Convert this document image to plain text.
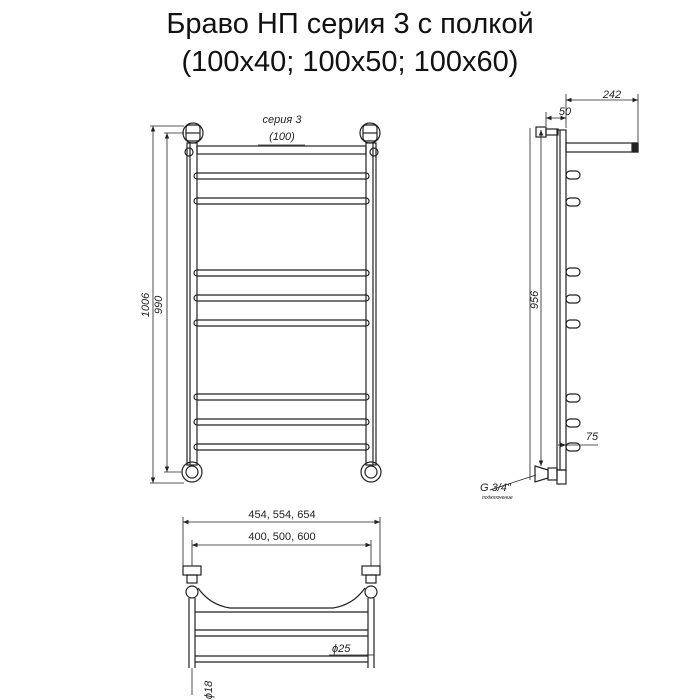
Браво НП серия 3 с полкой
(100x40; 100x50; 100x60)
1006 990
серия 3
(100)
242
50
956
75
G 3/4"
подключение
454, 554, 654
400, 500, 600
ϕ25
ϕ18
